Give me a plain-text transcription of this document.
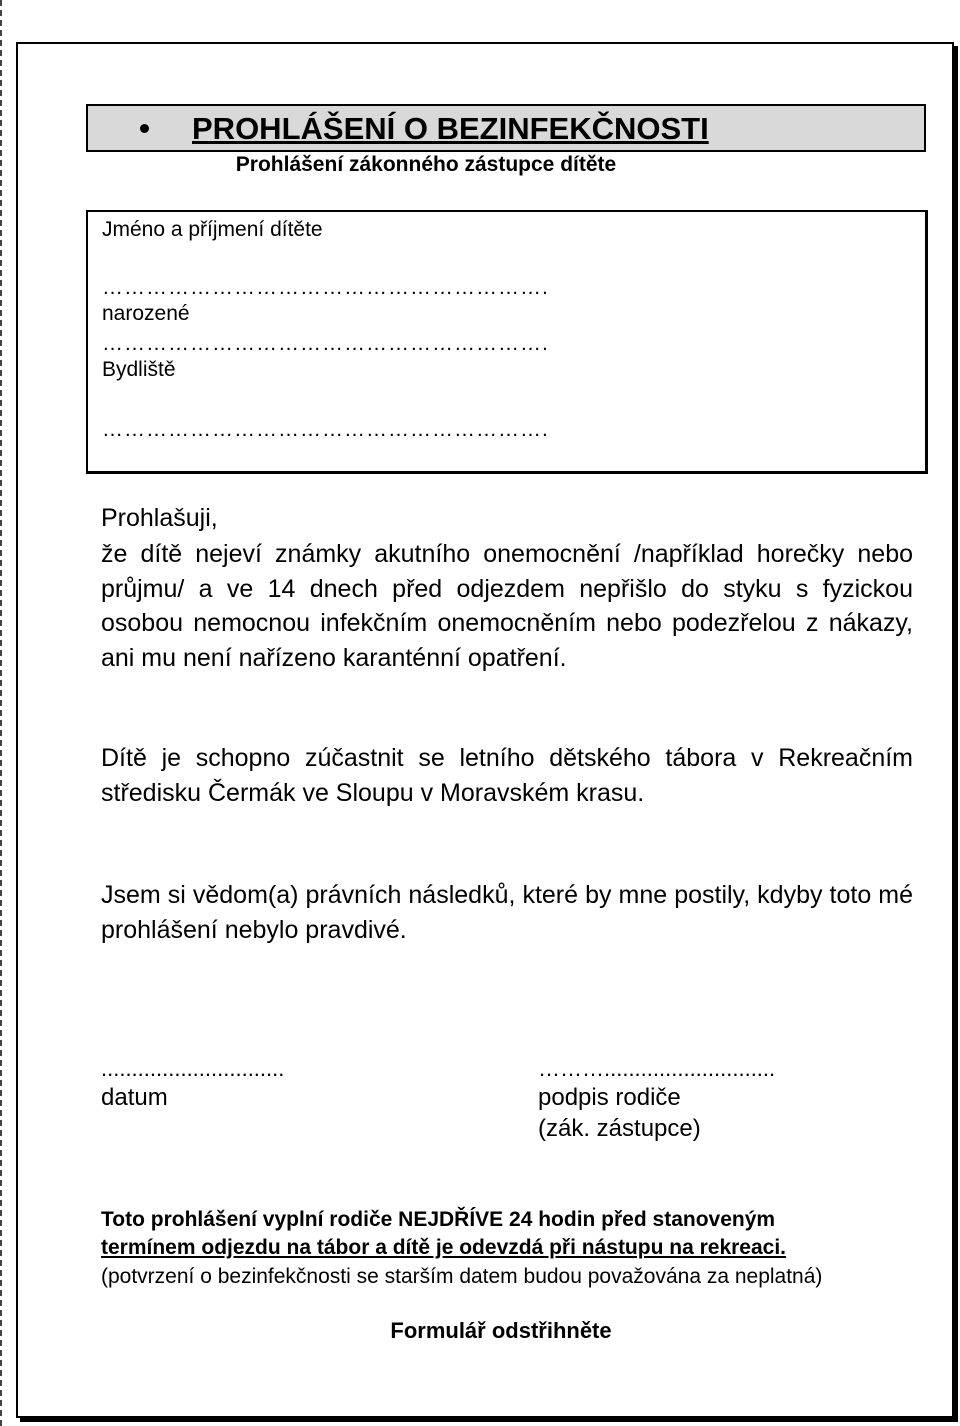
PROHLÁŠENÍ O BEZINFEKČNOSTI
Prohlášení zákonného zástupce dítěte
Jméno a příjmení dítěte
…………………………………………………….
narozené
…………………………………………………….
Bydliště
…………………………………………………….

Prohlašuji,

že dítě nejeví známky akutního onemocnění /například horečky nebo průjmu/ a ve 14 dnech před odjezdem nepřišlo do styku s fyzickou osobou nemocnou infekčním onemocněním nebo podezřelou z nákazy, ani mu není nařízeno karanténní opatření.

Dítě je schopno zúčastnit se letního dětského tábora v Rekreačním středisku Čermák ve Sloupu v Moravském krasu.

Jsem si vědom(a) právních následků, které by mne postily, kdyby toto mé prohlášení nebylo pravdivé.

..............................
datum
………............................
podpis rodiče
(zák. zástupce)

Toto prohlášení vyplní rodiče NEJDŘÍVE 24 hodin před stanoveným

termínem odjezdu na tábor a dítě je odevzdá při nástupu na rekreaci.

(potvrzení o bezinfekčnosti se starším datem budou považována za neplatná)

Formulář odstřihněte
